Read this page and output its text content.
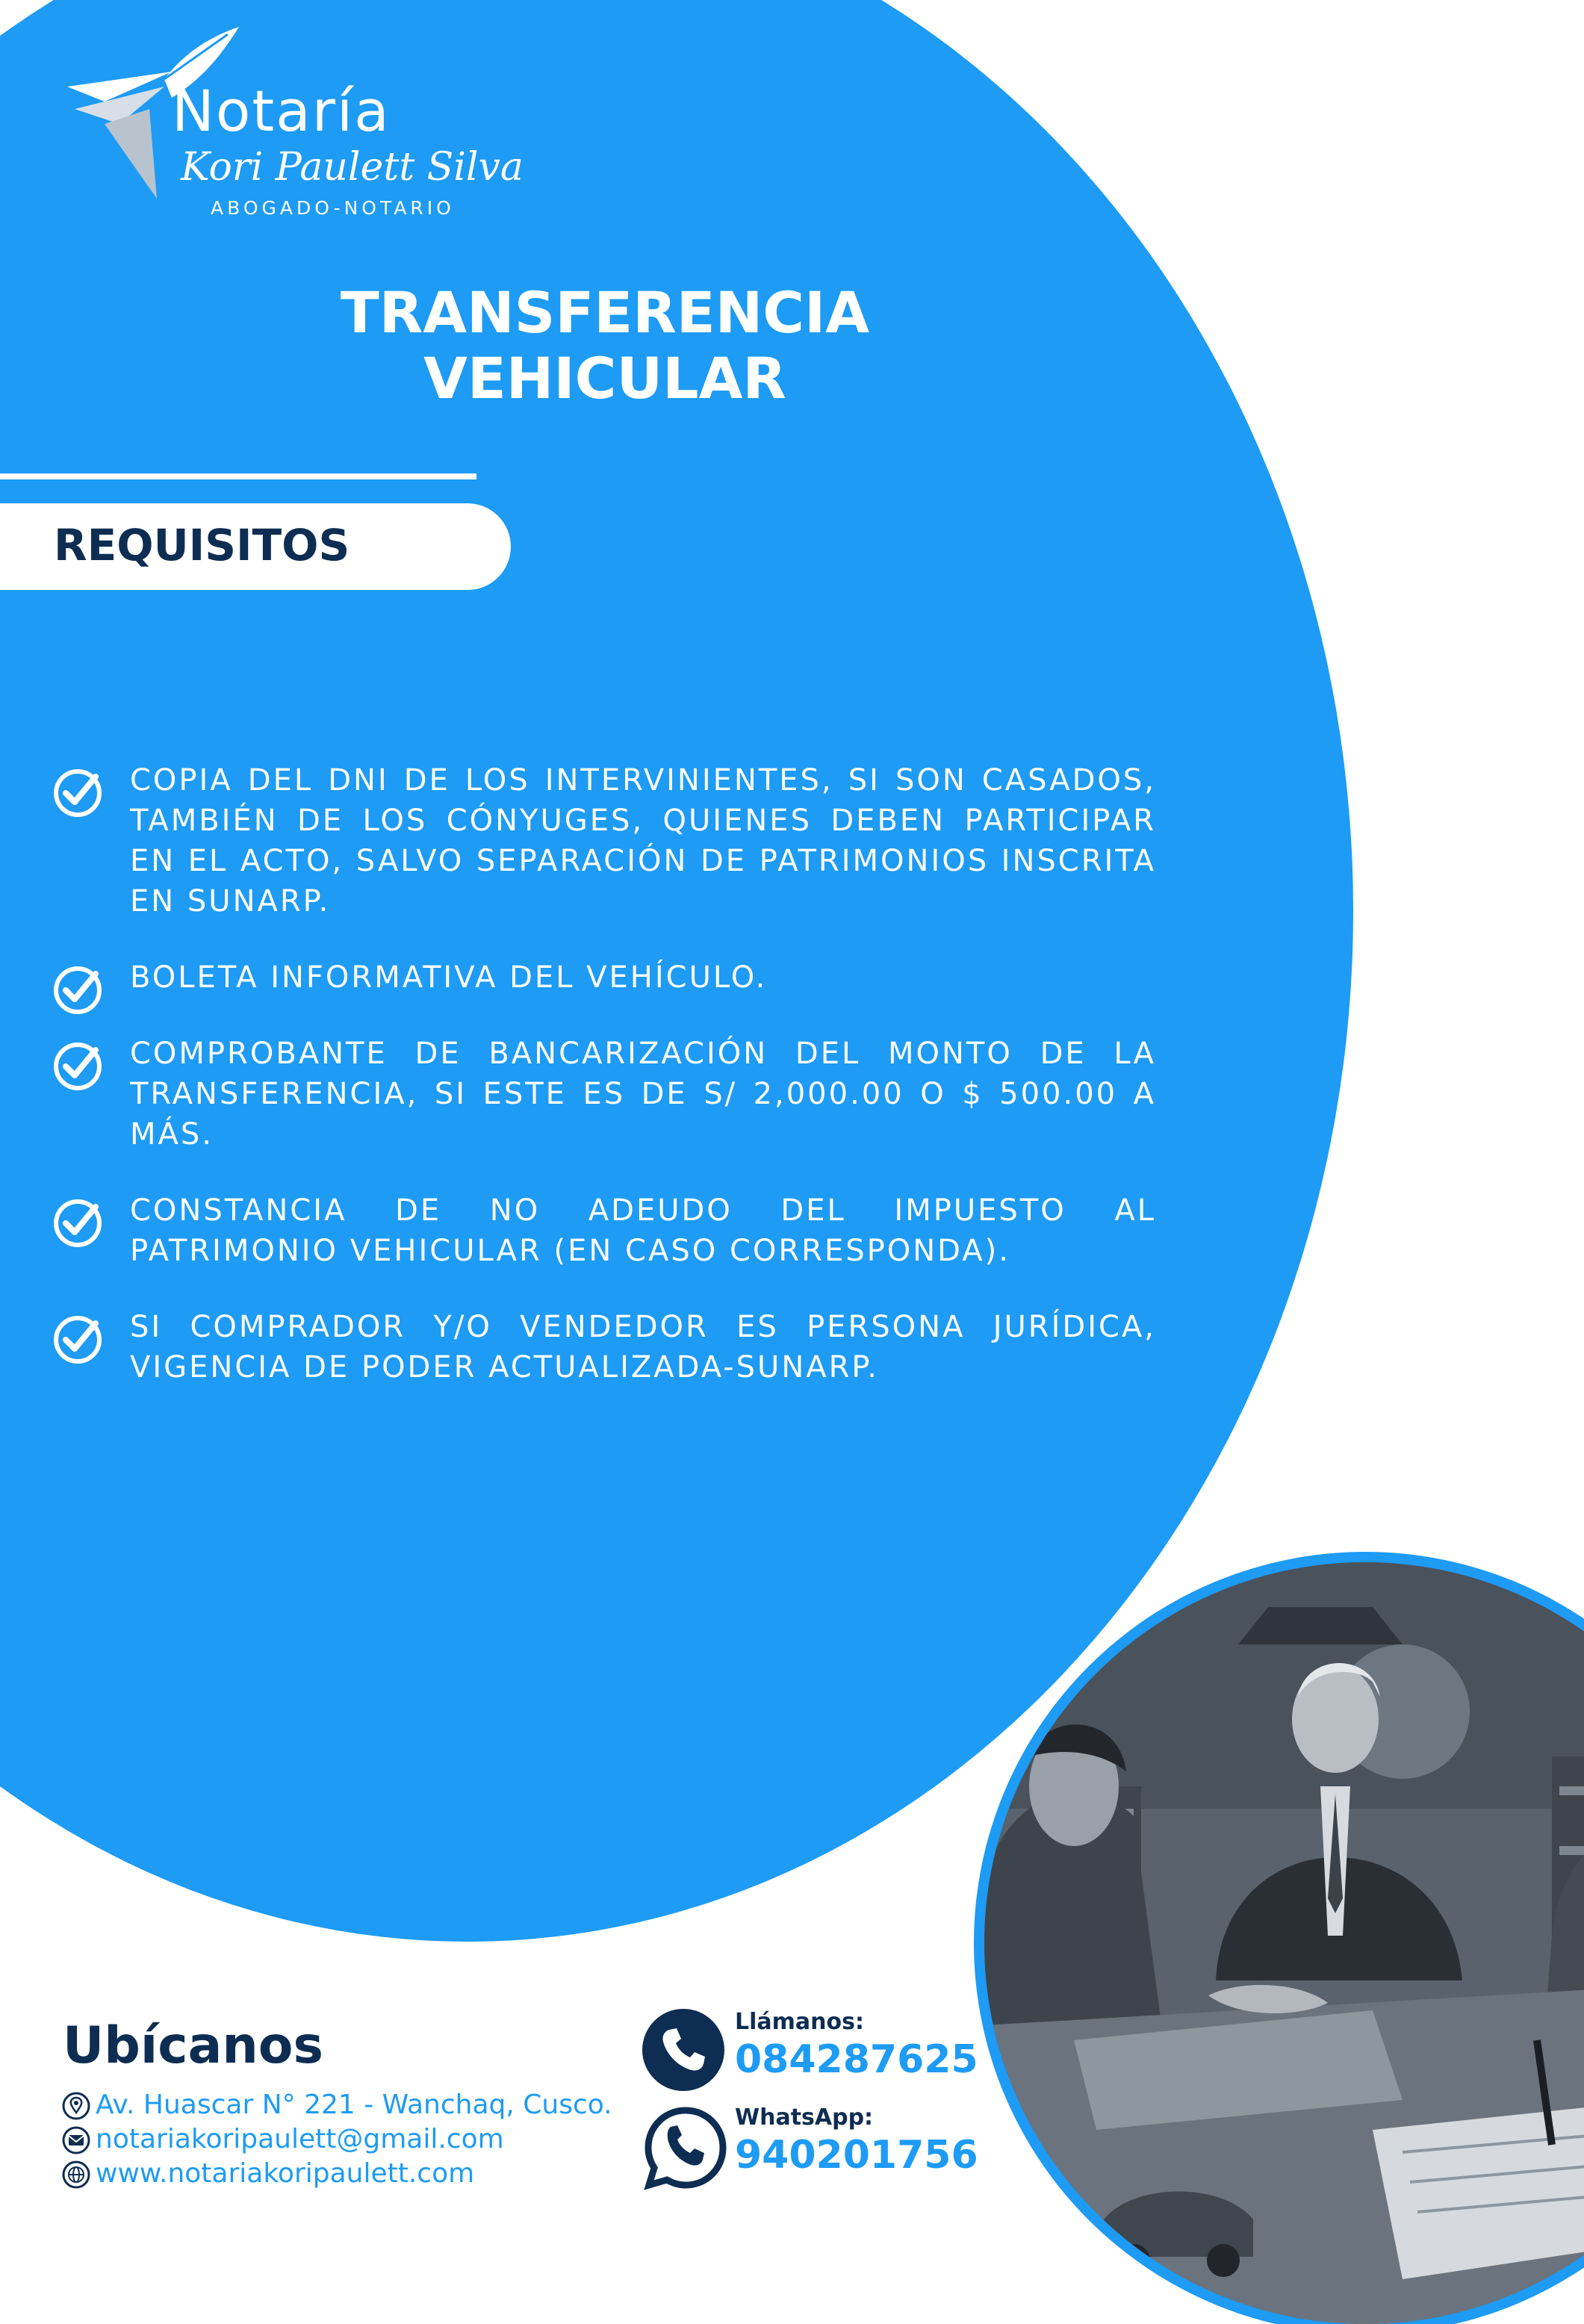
Notaría
Kori Paulett Silva
ABOGADO-NOTARIO
TRANSFERENCIA
VEHICULAR
REQUISITOS
COPIA DEL DNI DE LOS INTERVINIENTES, SI SON CASADOS, TAMBIÉN DE LOS CÓNYUGES, QUIENES DEBEN PARTICIPAR EN EL ACTO, SALVO SEPARACIÓN DE PATRIMONIOS INSCRITA EN SUNARP.
BOLETA INFORMATIVA DEL VEHÍCULO.
COMPROBANTE DE BANCARIZACIÓN DEL MONTO DE LA TRANSFERENCIA, SI ESTE ES DE S/ 2,000.00 O $ 500.00 A MÁS.
CONSTANCIA DE NO ADEUDO DEL IMPUESTO AL PATRIMONIO VEHICULAR (EN CASO CORRESPONDA).
SI COMPRADOR Y/O VENDEDOR ES PERSONA JURÍDICA, VIGENCIA DE PODER ACTUALIZADA-SUNARP.
Ubícanos
Av. Huascar N° 221 - Wanchaq, Cusco.
notariakoripaulett@gmail.com
www.notariakoripaulett.com
Llámanos:
084287625
WhatsApp:
940201756
